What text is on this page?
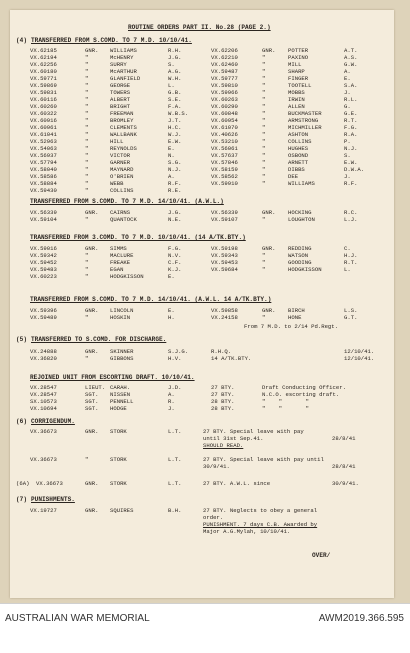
ROUTINE ORDERS PART II. No.28 (PAGE 2.)
(4) TRANSFERRED FROM S.COMD. TO 7 M.D. 10/10/41.
VX.62185	GNR. WILLIAMS	R.H.
VX.62194	"	McHENRY	J.G.
VX.62256	"	SURRY	S.
VX.60180	"	McARTHUR	A.G.
VX.59771	"	GLANFIELD	W.H.
VX.59869	"	GEORGE	L.
VX.59831	"	TOWERS	G.B.
VX.60116	"	ALBERT	S.E.
VX.60260	"	BRIGHT	F.A.
VX.60322	"	FREEMAN	W.B.S.
VX.60916	"	BROMLEY	J.T.
VX.60961	"	CLEMENTS	H.C.
VX.61041	"	WALLBANK	W.J.
VX.52963	"	HILL	E.W.
VX.54063	"	REYNOLDS	E.
VX.56937	"	VICTOR	N.
VX.57794	"	GARNER	S.G.
VX.58040	"	MAYNARD	N.J.
VX.58586	"	O'BRIEN	A.
VX.58884	"	WEBB	R.F.
VX.59430	"	COLLINS	R.E.
VX.62206	GNR. POTTER	A.T.
VX.62210	"	PAXINO	A.S.
VX.62460	"	MILL	G.W.
VX.59487	"	SHARP	A.
VX.59777	"	FINGER	E.
VX.59810	"	TOOTELL	S.A.
VX.59966	"	MOBBS	J.
VX.60263	"	IRWIN	R.L.
VX.60290	"	ALLEN	G.
VX.60848	"	BUCKMASTER	G.E.
VX.60954	"	ARMSTRONG	R.T.
VX.61070	"	MICHMILLER	F.G.
VX.40626	"	ASHTON	R.A.
VX.53210	"	COLLINS	P.
VX.56061	"	HUGHES	N.J.
VX.57637	"	OSBOND	S.
VX.57846	"	ARNETT	E.W.
VX.58159	"	DIBBS	D.W.A.
VX.58562	"	DEE	J.
VX.59910	"	WILLIAMS	R.F.
TRANSFERRED FROM S.COMD. TO 7 M.D. 14/10/41. (A.W.L.)
VX.56339	GNR. CAIRNS	J.G.
VX.59104	"	QUANTOCK	N.E.
VX.56339	GNR. HOCKING	R.C.
VX.59107	"	LOUGHTON	L.J.
TRANSFERRED FROM 3.COMD. TO 7 M.D. 10/10/41. (14 A/TK.BTY.)
VX.59016	GNR. SIMMS	F.G.
VX.59342	"	MACLURE	N.V.
VX.59452	"	FREAKE	C.F.
VX.59483	"	EGAN	K.J.
VX.60223	"	HODGKISSON	E.
VX.59198	GNR. REDDING	C.
VX.59343	"	WATSON	H.J.
VX.59453	"	GOODING	R.T.
VX.59684	"	HODGKISSON	L.
TRANSFERRED FROM S.COMD. TO 7 M.D. 14/10/41. (A.W.L. 14 A/TK.BTY.)
VX.59396	GNR. LINCOLN	E.
VX.59489	"	HOSKIN	H.
VX.59858	GNR. BIRCH	L.S.
VX.24158	"	HONE	G.T.
From 7 M.D. to 2/14 Pd.Regt.
(5) TRANSFERRED TO S.COMD. FOR DISCHARGE.
VX.24888	GNR. SKINNER	S.J.G.	R.H.Q.	12/10/41.
VX.36820	"	GIBBONS	H.V.	14 A/TK.BTY.	12/10/41.
REJOINED UNIT FROM ESCORTING DRAFT. 10/10/41.
VX.28547	LIEUT. CARAH.	J.D.	27 BTY.	Draft Conducting Officer.
VX.28547	SGT. NISSEN	A.	27 BTY.	N.C.O. escorting draft.
SX.10573	SGT. PENNELL	R.	28 BTY.	"    "       "
VX.10694	SGT. HODGE	J.	28 BTY.	"    "       "
(6) CORRIGENDUM.
VX.36673	GNR. STORK	L.T.	27 BTY. Special leave with pay
until 31st Sep.41.	28/8/41
SHOULD READ.
VX.36673	"	STORK	L.T.	27 BTY. Special leave with pay until
30/9/41.	28/8/41
(6A) VX.36673	GNR. STORK	L.T.	27 BTY. A.W.L. since	30/9/41.
(7) PUNISHMENTS.
VX.19727	GNR. SQUIRES	B.H.	27 BTY. Neglects to obey a general
order.
PUNISHMENT. 7 days C.B. Awarded by
Major A.G.Mylah, 10/10/41.
OVER/
AUSTRALIAN WAR MEMORIAL	AWM2019.366.595
